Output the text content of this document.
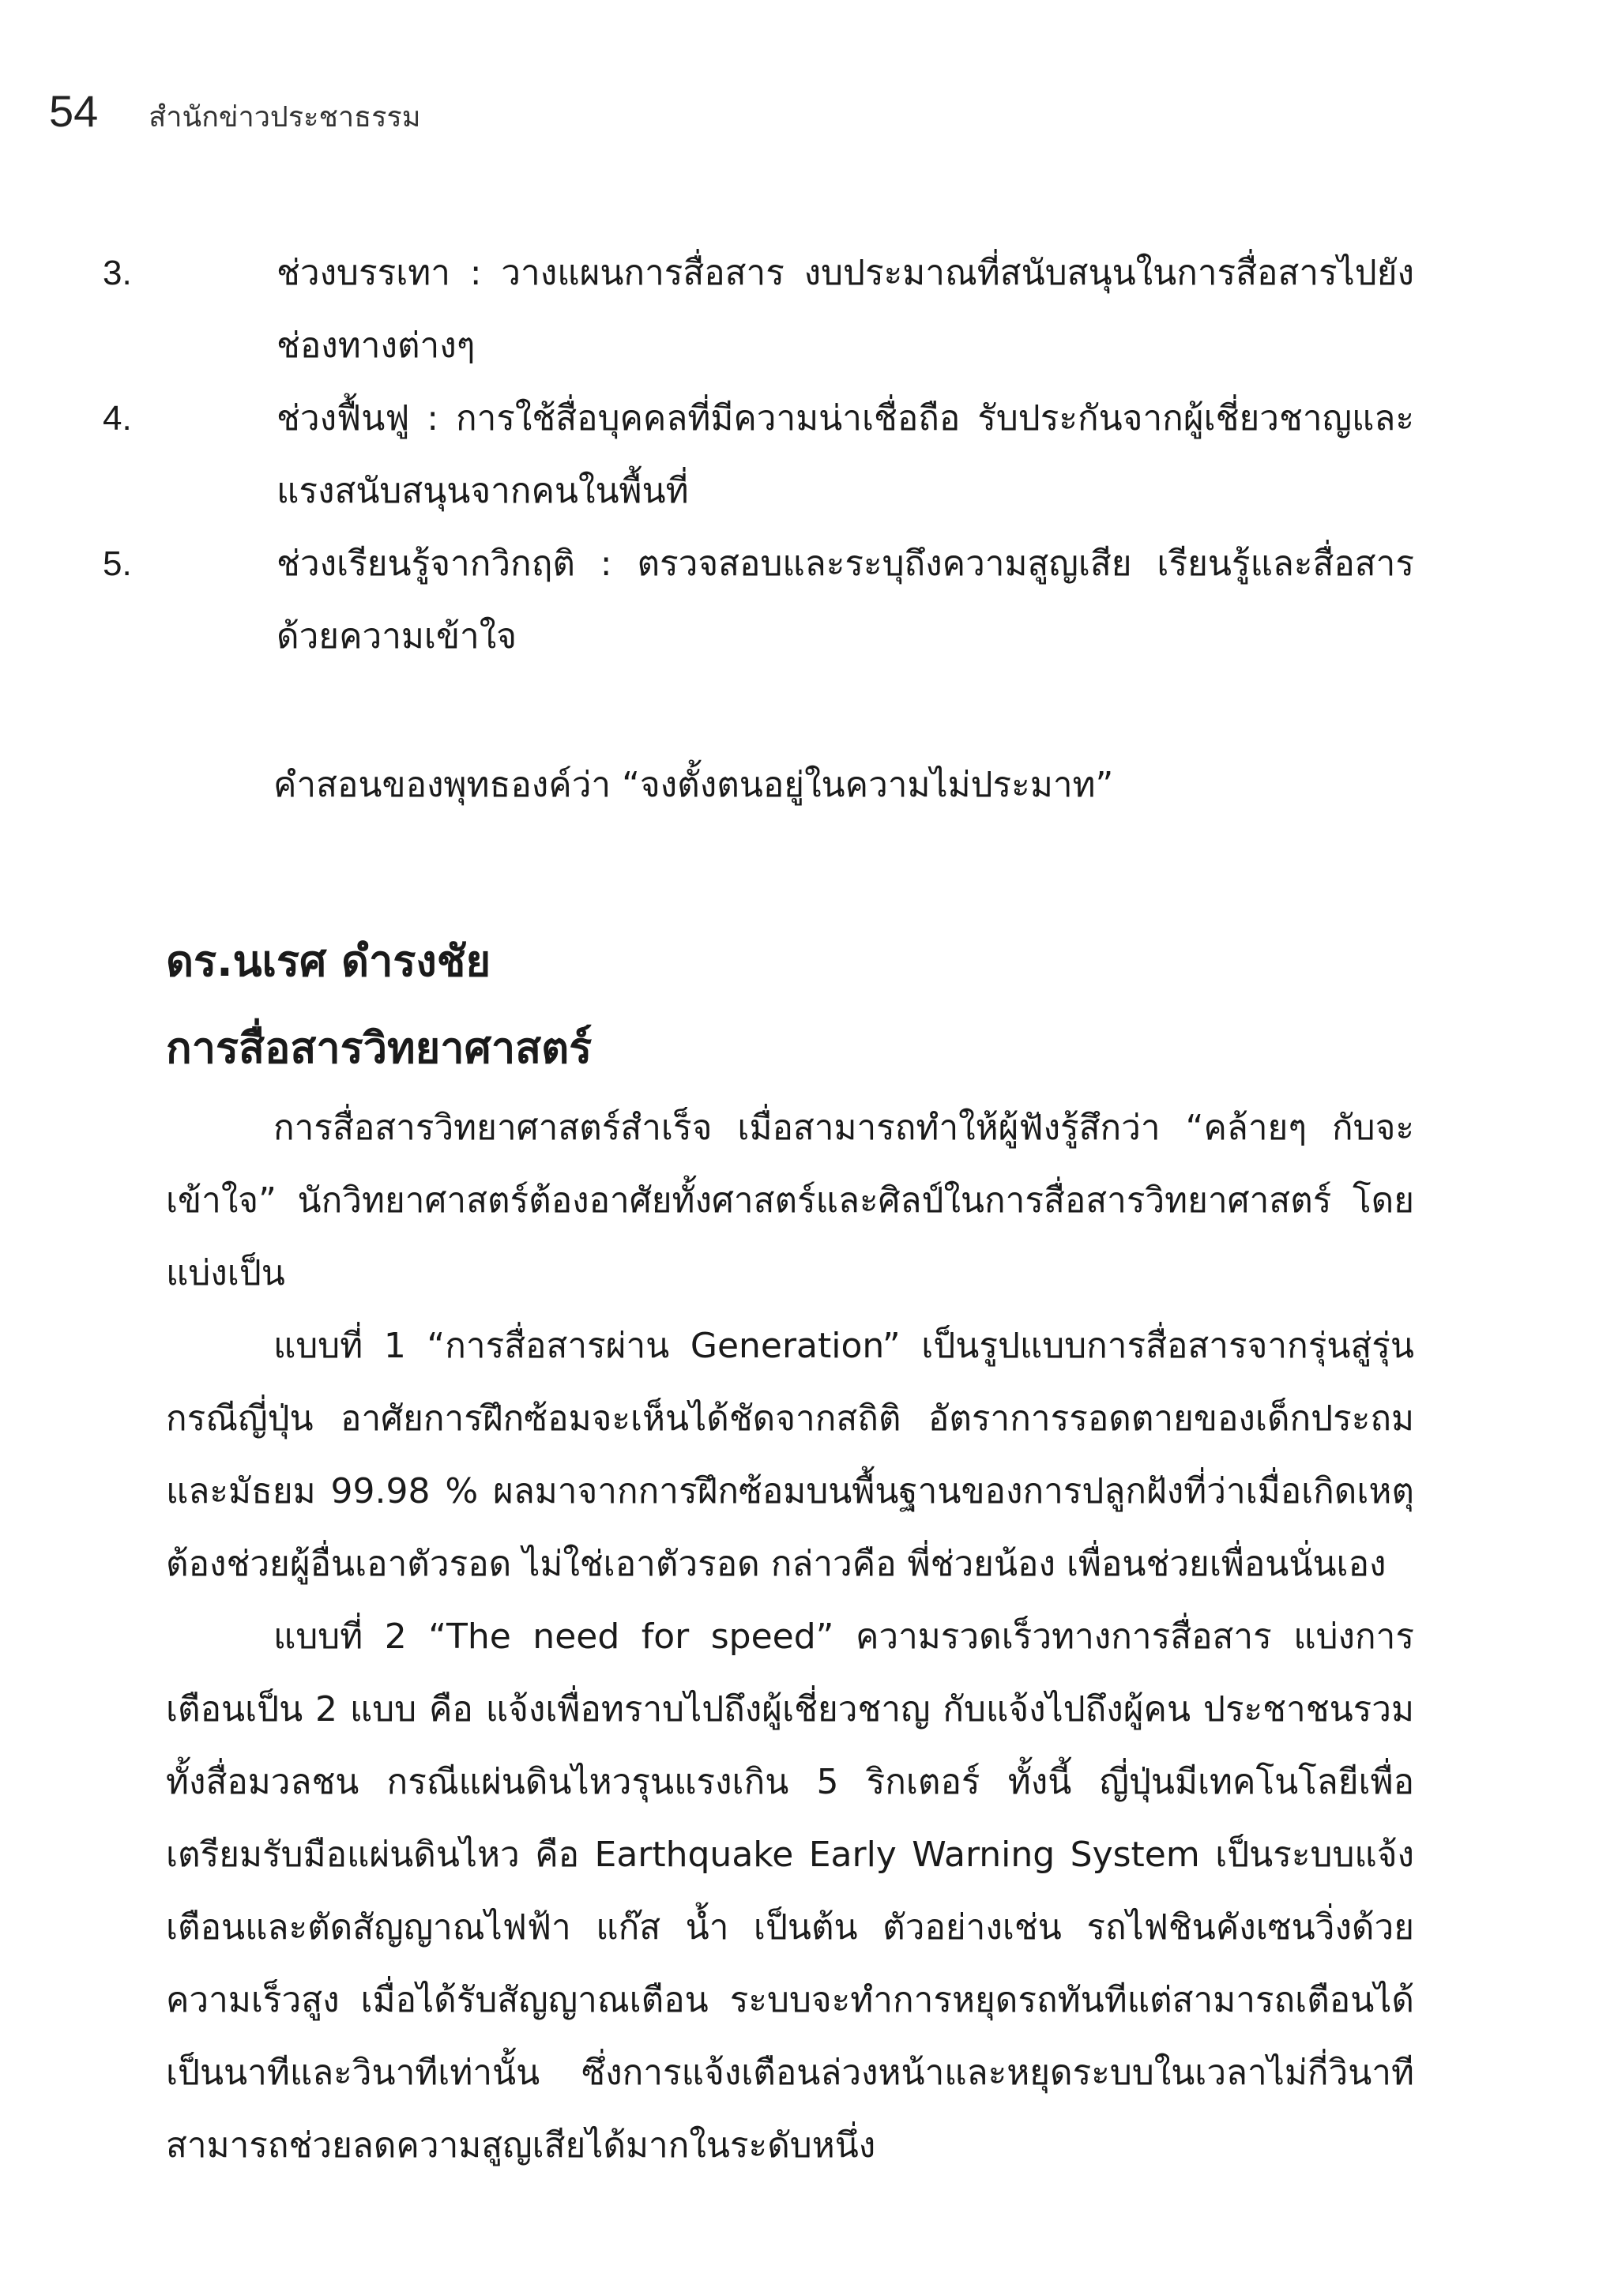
54 สำนักข่าวประชาธรรม
3.	ช่วงบรรเทา : วางแผนการสื่อสาร งบประมาณที่สนับสนุนในการสื่อสารไปยังช่องทางต่างๆ
4.	ช่วงฟื้นฟู : การใช้สื่อบุคคลที่มีความน่าเชื่อถือ รับประกันจากผู้เชี่ยวชาญและแรงสนับสนุนจากคนในพื้นที่
5.	ช่วงเรียนรู้จากวิกฤติ : ตรวจสอบและระบุถึงความสูญเสีย เรียนรู้และสื่อสารด้วยความเข้าใจ
คำสอนของพุทธองค์ว่า “จงตั้งตนอยู่ในความไม่ประมาท”
ดร.นเรศ ดำรงชัย
การสื่อสารวิทยาศาสตร์

การสื่อสารวิทยาศาสตร์สำเร็จ เมื่อสามารถทำให้ผู้ฟังรู้สึกว่า “คล้ายๆ กับจะเข้าใจ” นักวิทยาศาสตร์ต้องอาศัยทั้งศาสตร์และศิลป์ในการสื่อสารวิทยาศาสตร์ โดยแบ่งเป็น

แบบที่ 1 “การสื่อสารผ่าน Generation” เป็นรูปแบบการสื่อสารจากรุ่นสู่รุ่น กรณีญี่ปุ่น อาศัยการฝึกซ้อมจะเห็นได้ชัดจากสถิติ อัตราการรอดตายของเด็กประถมและมัธยม 99.98 % ผลมาจากการฝึกซ้อมบนพื้นฐานของการปลูกฝังที่ว่าเมื่อเกิดเหตุต้องช่วยผู้อื่นเอาตัวรอด ไม่ใช่เอาตัวรอด กล่าวคือ พี่ช่วยน้อง เพื่อนช่วยเพื่อนนั่นเอง

แบบที่ 2 “The need for speed” ความรวดเร็วทางการสื่อสาร แบ่งการเตือนเป็น 2 แบบ คือ แจ้งเพื่อทราบไปถึงผู้เชี่ยวชาญ กับแจ้งไปถึงผู้คน ประชาชนรวมทั้งสื่อมวลชน กรณีแผ่นดินไหวรุนแรงเกิน 5 ริกเตอร์ ทั้งนี้ ญี่ปุ่นมีเทคโนโลยีเพื่อเตรียมรับมือแผ่นดินไหว คือ Earthquake Early Warning System เป็นระบบแจ้งเตือนและตัดสัญญาณไฟฟ้า แก๊ส น้ำ เป็นต้น ตัวอย่างเช่น รถไฟชินคังเซนวิ่งด้วยความเร็วสูง เมื่อได้รับสัญญาณเตือน ระบบจะทำการหยุดรถทันทีแต่สามารถเตือนได้เป็นนาทีและวินาทีเท่านั้น ซึ่งการแจ้งเตือนล่วงหน้าและหยุดระบบในเวลาไม่กี่วินาทีสามารถช่วยลดความสูญเสียได้มากในระดับหนึ่ง
